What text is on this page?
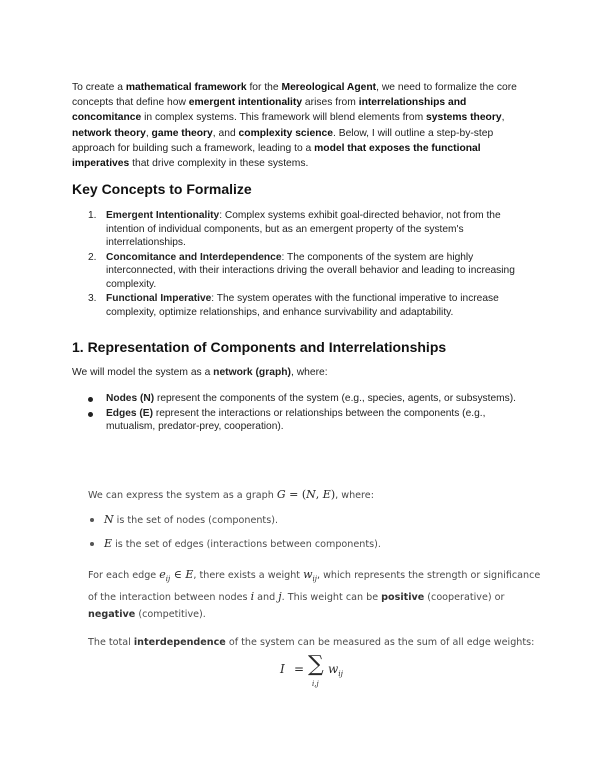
To create a mathematical framework for the Mereological Agent, we need to formalize the core concepts that define how emergent intentionality arises from interrelationships and concomitance in complex systems. This framework will blend elements from systems theory, network theory, game theory, and complexity science. Below, I will outline a step-by-step approach for building such a framework, leading to a model that exposes the functional imperatives that drive complexity in these systems.
Key Concepts to Formalize
1. Emergent Intentionality: Complex systems exhibit goal-directed behavior, not from the intention of individual components, but as an emergent property of the system's interrelationships.
2. Concomitance and Interdependence: The components of the system are highly interconnected, with their interactions driving the overall behavior and leading to increasing complexity.
3. Functional Imperative: The system operates with the functional imperative to increase complexity, optimize relationships, and enhance survivability and adaptability.
1. Representation of Components and Interrelationships
We will model the system as a network (graph), where:
Nodes (N) represent the components of the system (e.g., species, agents, or subsystems).
Edges (E) represent the interactions or relationships between the components (e.g., mutualism, predator-prey, cooperation).
We can express the system as a graph G = (N, E), where:
N is the set of nodes (components).
E is the set of edges (interactions between components).
For each edge $e_{ij}$ ∈ E, there exists a weight $w_{ij}$, which represents the strength or significance of the interaction between nodes i and j. This weight can be positive (cooperative) or negative (competitive).
The total interdependence of the system can be measured as the sum of all edge weights:
I = ∑
i,j
$w_{ij}$
